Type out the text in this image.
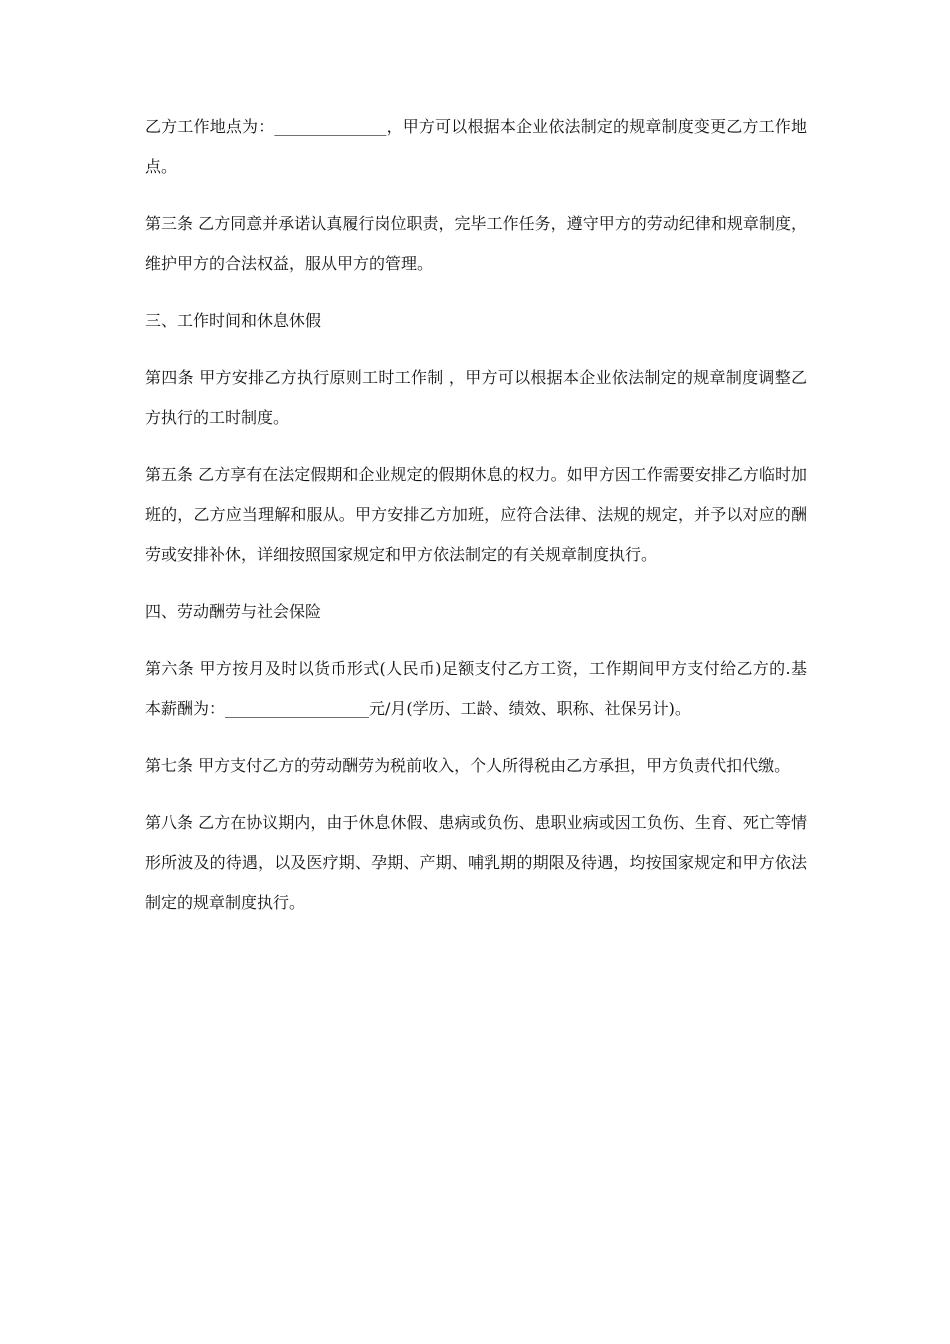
乙方工作地点为：______________，甲方可以根据本企业依法制定的规章制度变更乙方工作地点。

第三条 乙方同意并承诺认真履行岗位职责，完毕工作任务，遵守甲方的劳动纪律和规章制度，维护甲方的合法权益，服从甲方的管理。

三、工作时间和休息休假

第四条 甲方安排乙方执行原则工时工作制 ，甲方可以根据本企业依法制定的规章制度调整乙方执行的工时制度。

第五条 乙方享有在法定假期和企业规定的假期休息的权力。如甲方因工作需要安排乙方临时加班的，乙方应当理解和服从。甲方安排乙方加班，应符合法律、法规的规定，并予以对应的酬劳或安排补休，详细按照国家规定和甲方依法制定的有关规章制度执行。

四、劳动酬劳与社会保险

第六条 甲方按月及时以货币形式(人民币)足额支付乙方工资，工作期间甲方支付给乙方的.基本薪酬为：__________________元/月(学历、工龄、绩效、职称、社保另计)。

第七条 甲方支付乙方的劳动酬劳为税前收入，个人所得税由乙方承担，甲方负责代扣代缴。

第八条 乙方在协议期内，由于休息休假、患病或负伤、患职业病或因工负伤、生育、死亡等情形所波及的待遇，以及医疗期、孕期、产期、哺乳期的期限及待遇，均按国家规定和甲方依法制定的规章制度执行。
